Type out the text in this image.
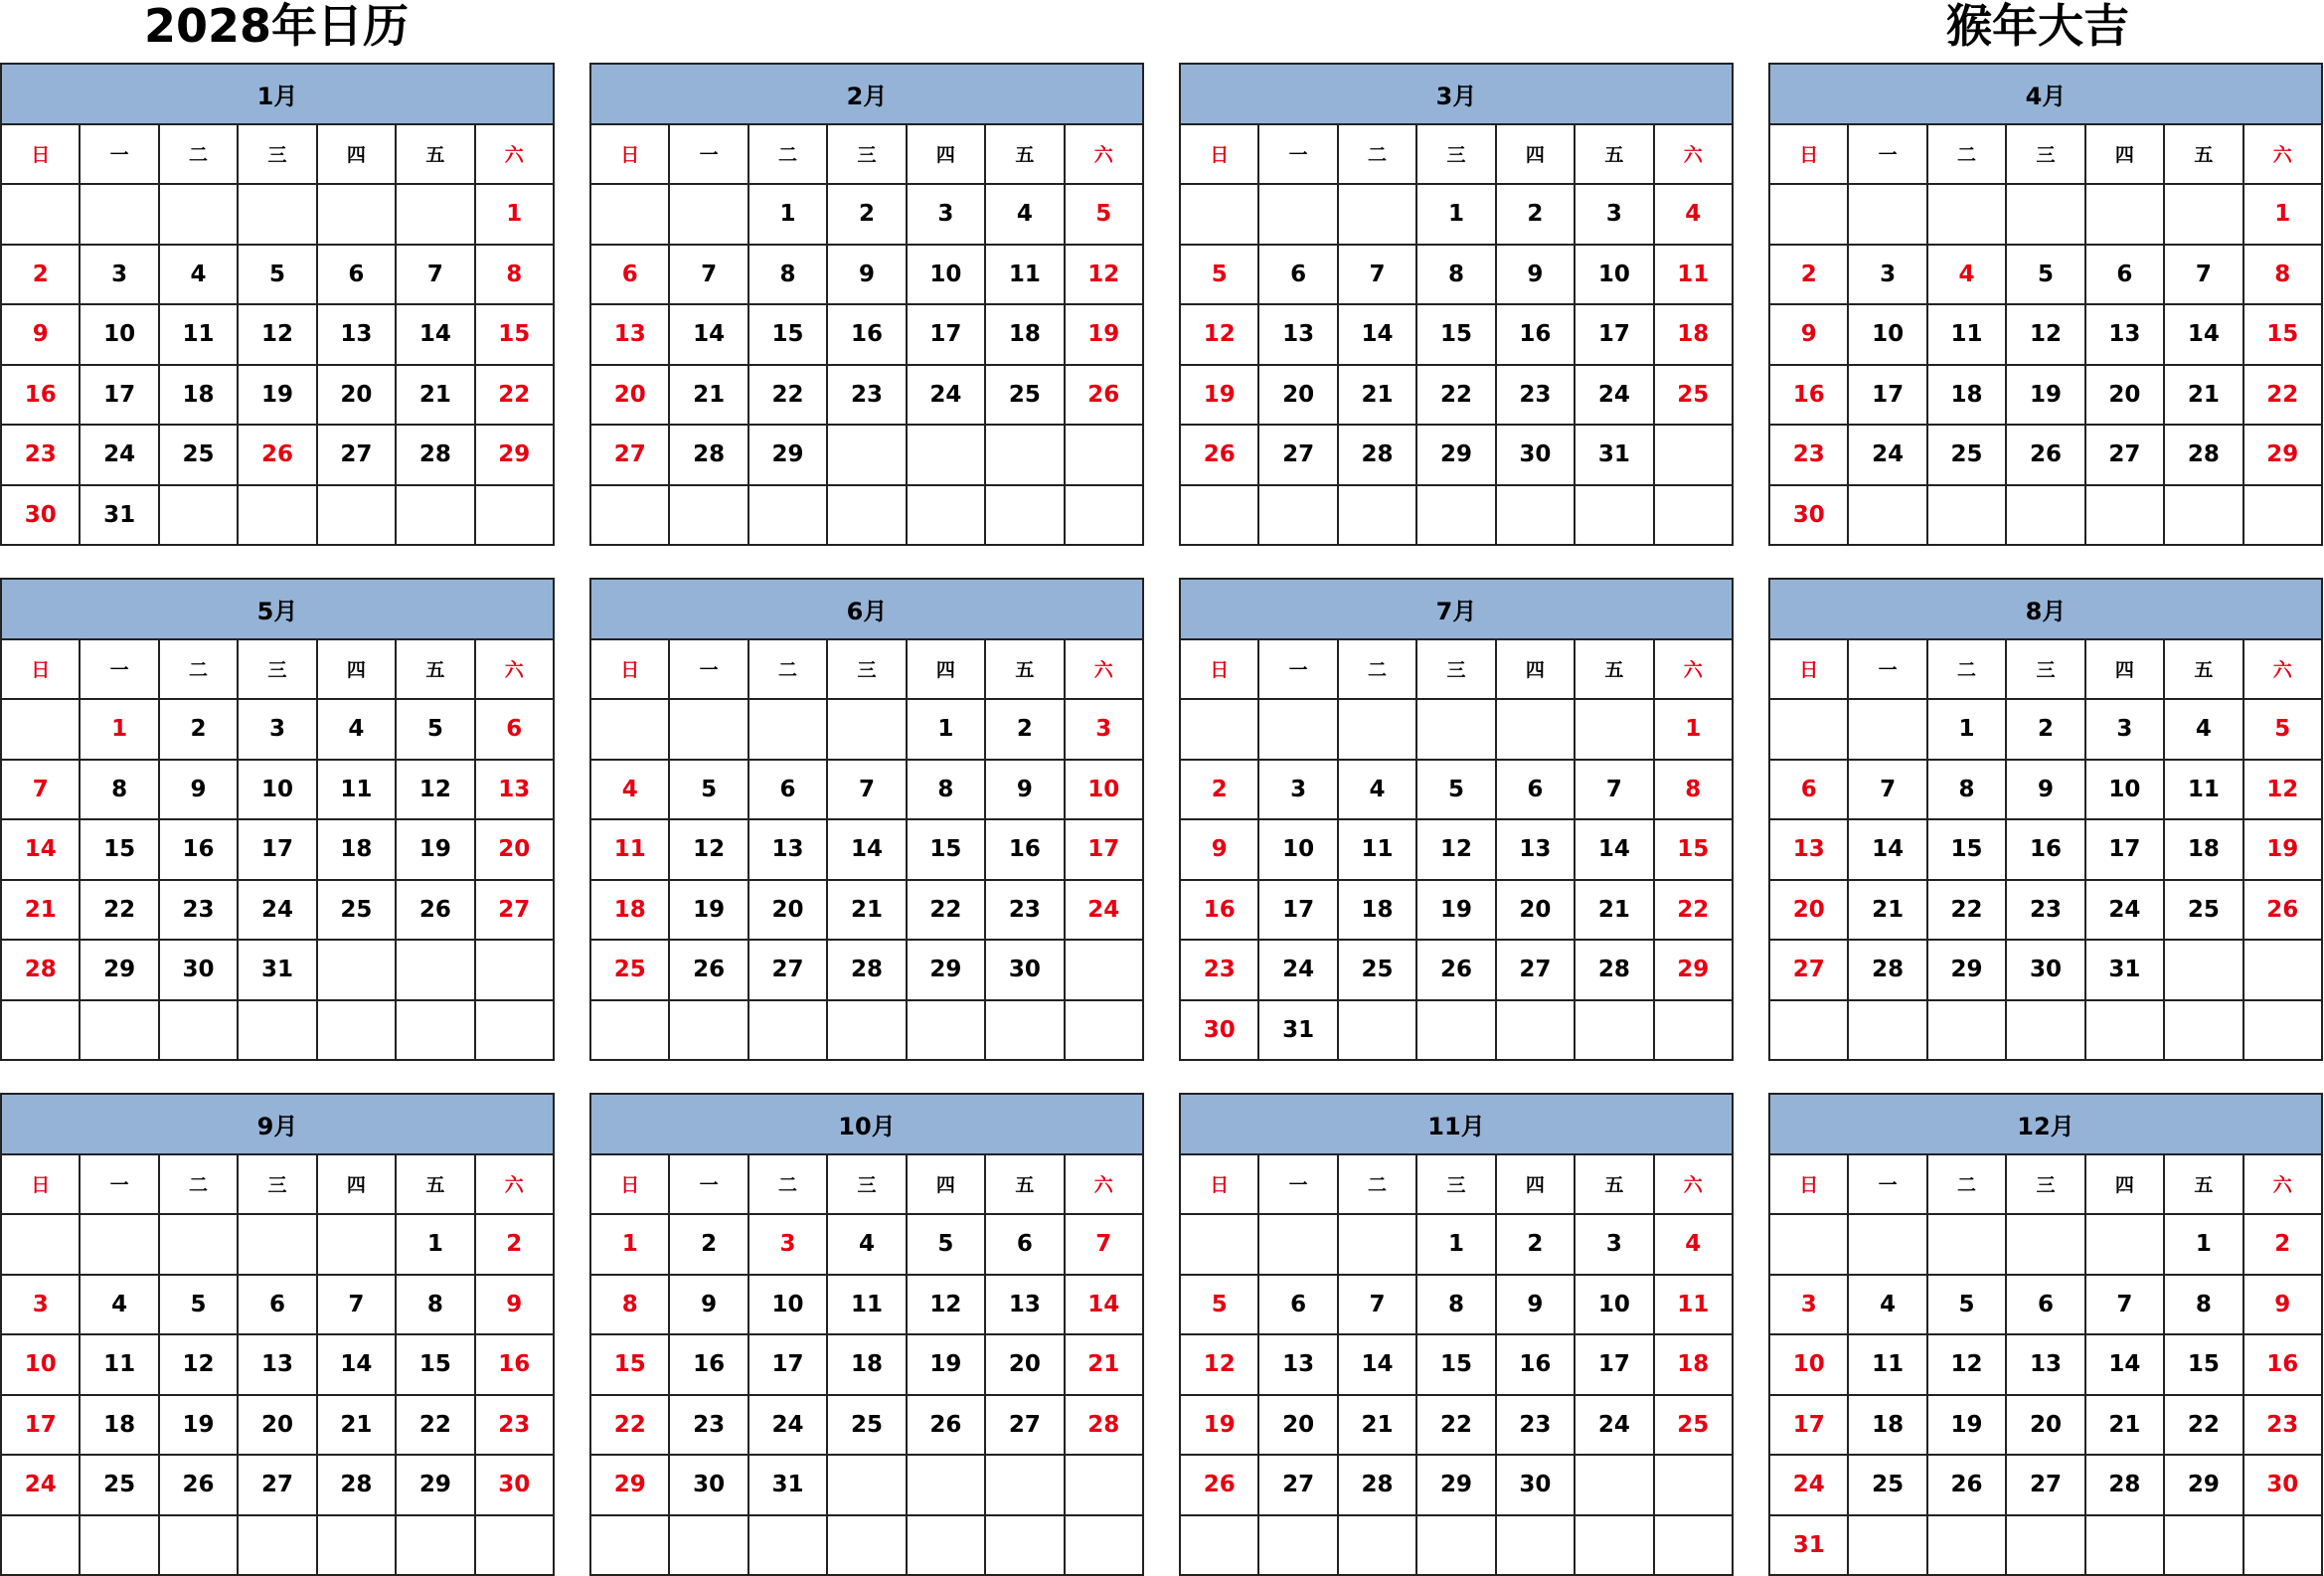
2028年日历	猴年大吉
1月						
日	一	二	三	四	五	六
						1
2	3	4	5	6	7	8
9	10	11	12	13	14	15
16	17	18	19	20	21	22
23	24	25	26	27	28	29
30	31					
2月						
日	一	二	三	四	五	六
		1	2	3	4	5
6	7	8	9	10	11	12
13	14	15	16	17	18	19
20	21	22	23	24	25	26
27	28	29				

3月						
日	一	二	三	四	五	六
			1	2	3	4
5	6	7	8	9	10	11
12	13	14	15	16	17	18
19	20	21	22	23	24	25
26	27	28	29	30	31	

4月						
日	一	二	三	四	五	六
						1
2	3	4	5	6	7	8
9	10	11	12	13	14	15
16	17	18	19	20	21	22
23	24	25	26	27	28	29
30						
5月						
日	一	二	三	四	五	六
	1	2	3	4	5	6
7	8	9	10	11	12	13
14	15	16	17	18	19	20
21	22	23	24	25	26	27
28	29	30	31			

6月						
日	一	二	三	四	五	六
				1	2	3
4	5	6	7	8	9	10
11	12	13	14	15	16	17
18	19	20	21	22	23	24
25	26	27	28	29	30	

7月						
日	一	二	三	四	五	六
						1
2	3	4	5	6	7	8
9	10	11	12	13	14	15
16	17	18	19	20	21	22
23	24	25	26	27	28	29
30	31					
8月						
日	一	二	三	四	五	六
		1	2	3	4	5
6	7	8	9	10	11	12
13	14	15	16	17	18	19
20	21	22	23	24	25	26
27	28	29	30	31		

9月						
日	一	二	三	四	五	六
					1	2
3	4	5	6	7	8	9
10	11	12	13	14	15	16
17	18	19	20	21	22	23
24	25	26	27	28	29	30

10月						
日	一	二	三	四	五	六
1	2	3	4	5	6	7
8	9	10	11	12	13	14
15	16	17	18	19	20	21
22	23	24	25	26	27	28
29	30	31				

11月						
日	一	二	三	四	五	六
			1	2	3	4
5	6	7	8	9	10	11
12	13	14	15	16	17	18
19	20	21	22	23	24	25
26	27	28	29	30		

12月						
日	一	二	三	四	五	六
					1	2
3	4	5	6	7	8	9
10	11	12	13	14	15	16
17	18	19	20	21	22	23
24	25	26	27	28	29	30
31						
